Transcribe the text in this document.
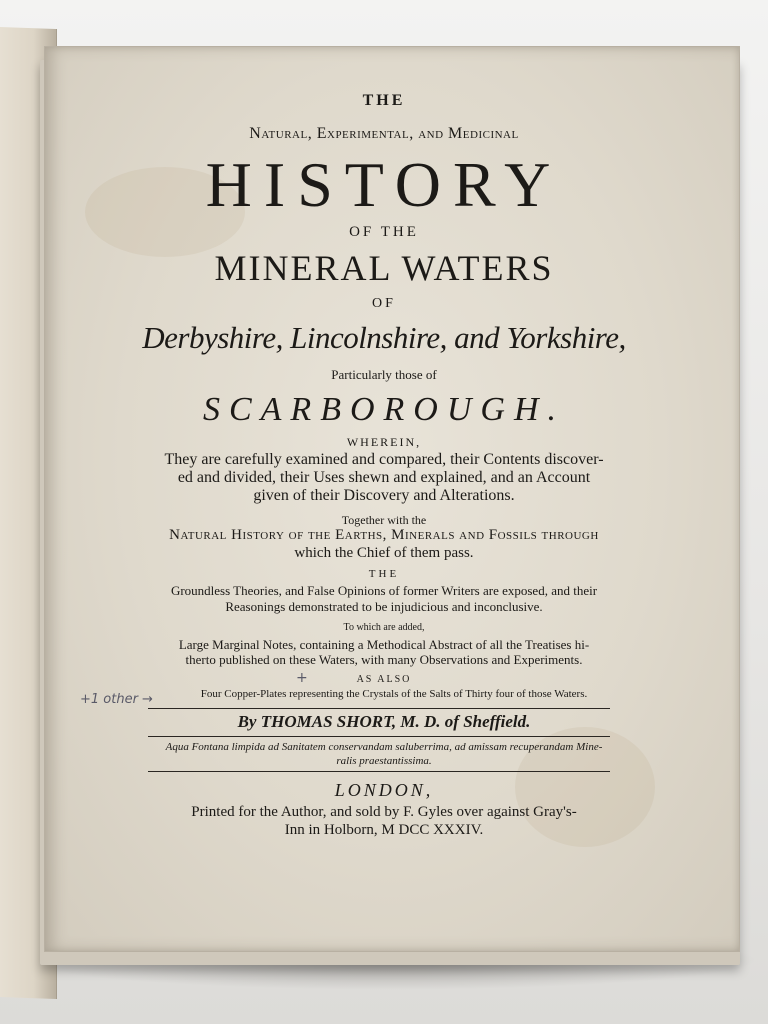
THE
Natural, Experimental, and Medicinal
HISTORY
OF THE
MINERAL WATERS
OF
Derbyshire, Lincolnshire, and Yorkshire,
Particularly those of
SCARBOROUGH.
WHEREIN,
They are carefully examined and compared, their Contents discover-
ed and divided, their Uses shewn and explained, and an Account
given of their Discovery and Alterations.
Together with the
Natural History of the Earths, Minerals and Fossils through
which the Chief of them pass.
THE
Groundless Theories, and False Opinions of former Writers are exposed, and their
Reasonings demonstrated to be injudicious and inconclusive.
To which are added,
Large Marginal Notes, containing a Methodical Abstract of all the Treatises hi-
therto published on these Waters, with many Observations and Experiments.
AS ALSO
Four Copper-Plates representing the Crystals of the Salts of Thirty four of those Waters.
By THOMAS SHORT, M. D. of Sheffield.
Aqua Fontana limpida ad Sanitatem conservandam saluberrima, ad amissam recuperandam Mine-
ralis praestantissima.
LONDON,
Printed for the Author, and sold by F. Gyles over against Gray's-
Inn in Holborn, M DCC XXXIV.
+
+1 other →
